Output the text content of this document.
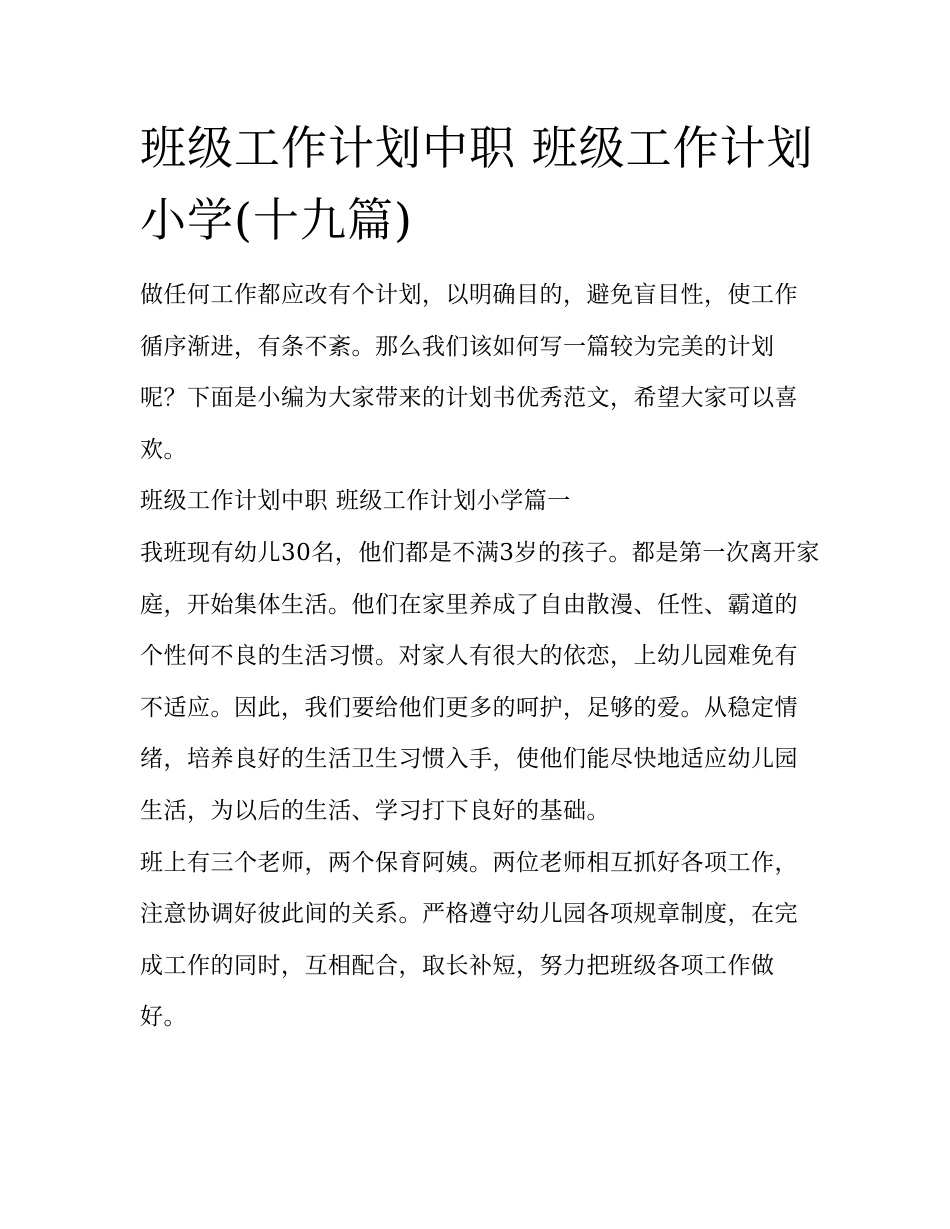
班级工作计划中职 班级工作计划小学(十九篇)

做任何工作都应改有个计划，以明确目的，避免盲目性，使工作循序渐进，有条不紊。那么我们该如何写一篇较为完美的计划呢？下面是小编为大家带来的计划书优秀范文，希望大家可以喜欢。

班级工作计划中职 班级工作计划小学篇一

我班现有幼儿30名，他们都是不满3岁的孩子。都是第一次离开家庭，开始集体生活。他们在家里养成了自由散漫、任性、霸道的个性何不良的生活习惯。对家人有很大的依恋，上幼儿园难免有不适应。因此，我们要给他们更多的呵护，足够的爱。从稳定情绪，培养良好的生活卫生习惯入手，使他们能尽快地适应幼儿园生活，为以后的生活、学习打下良好的基础。

班上有三个老师，两个保育阿姨。两位老师相互抓好各项工作，注意协调好彼此间的关系。严格遵守幼儿园各项规章制度，在完成工作的同时，互相配合，取长补短，努力把班级各项工作做好。
